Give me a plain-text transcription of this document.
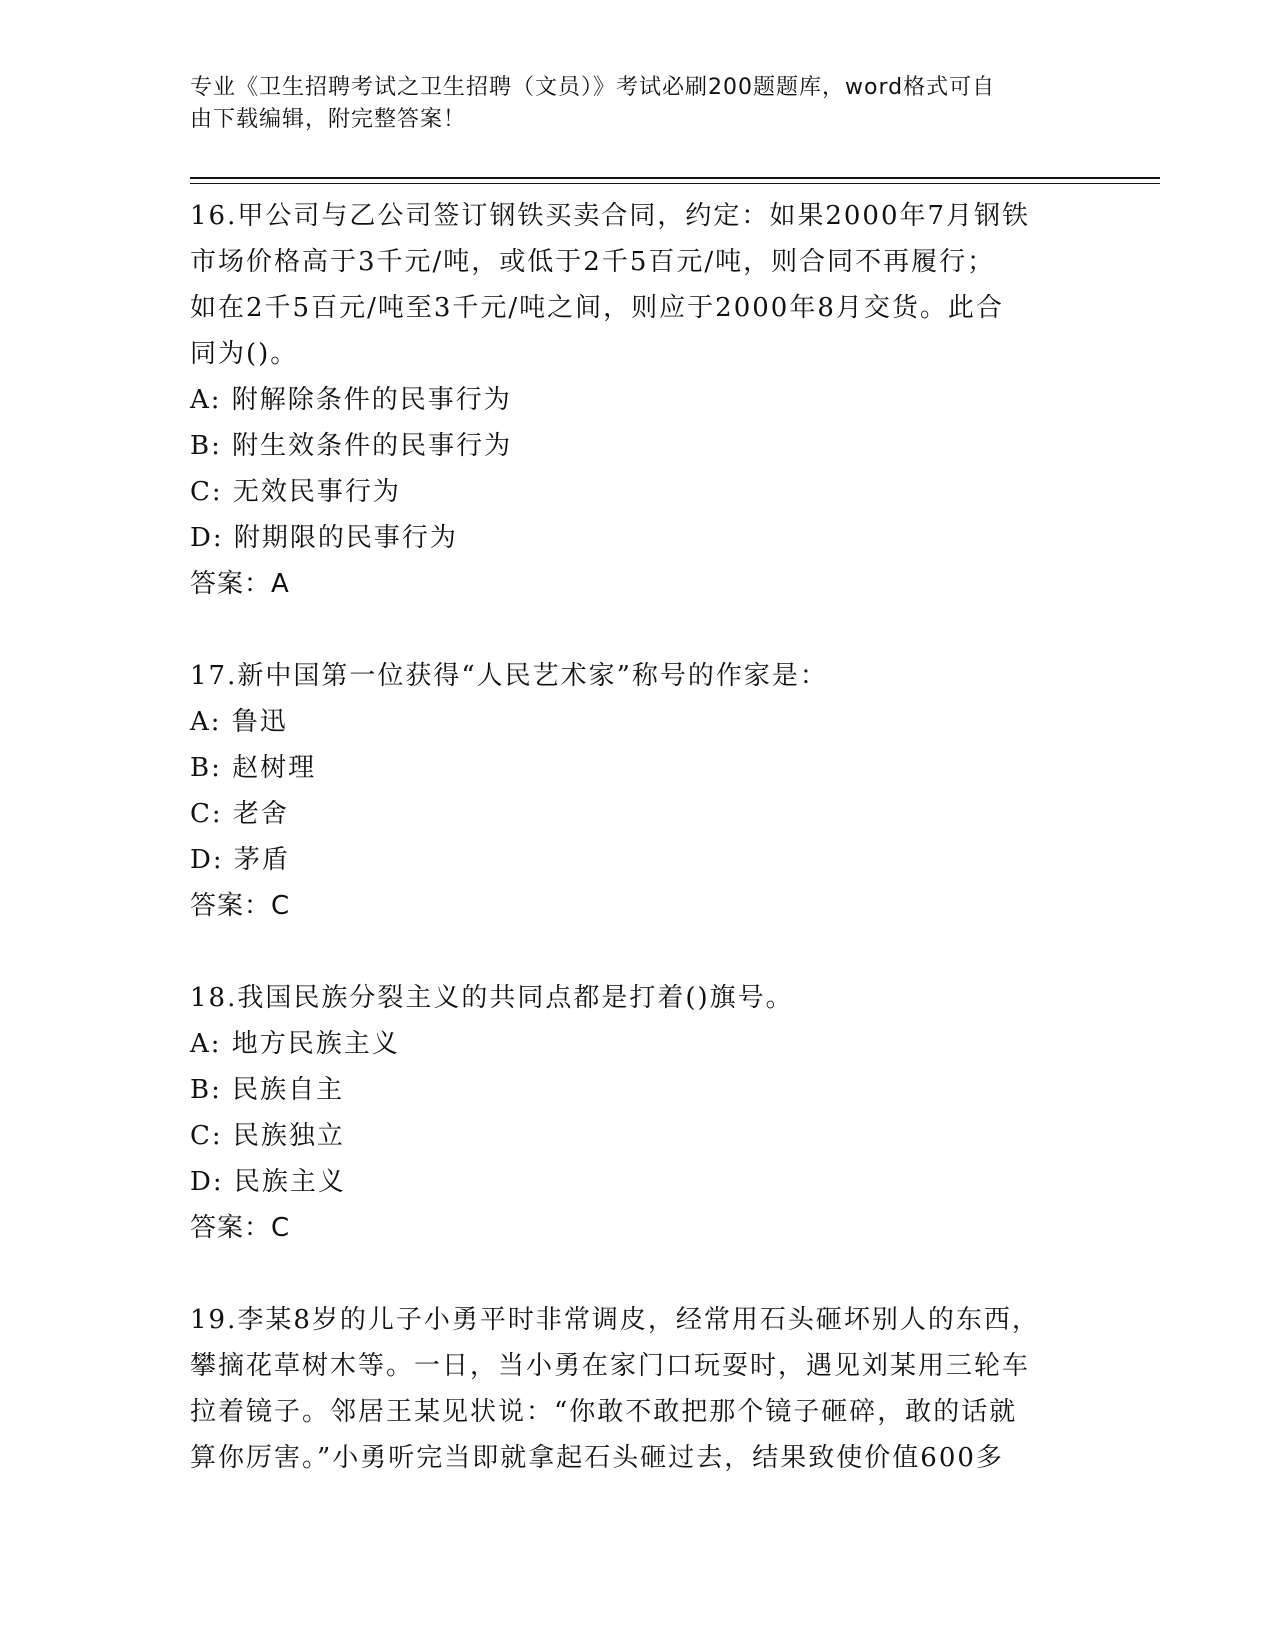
专业《卫生招聘考试之卫生招聘（文员）》考试必刷200题题库，word格式可自
由下载编辑，附完整答案！
16.甲公司与乙公司签订钢铁买卖合同，约定：如果2000年7月钢铁
市场价格高于3千元/吨，或低于2千5百元/吨，则合同不再履行；
如在2千5百元/吨至3千元/吨之间，则应于2000年8月交货。此合
同为()。
A: 附解除条件的民事行为
B: 附生效条件的民事行为
C: 无效民事行为
D: 附期限的民事行为
答案：A
17.新中国第一位获得“人民艺术家”称号的作家是：
A: 鲁迅
B: 赵树理
C: 老舍
D: 茅盾
答案：C
18.我国民族分裂主义的共同点都是打着()旗号。
A: 地方民族主义
B: 民族自主
C: 民族独立
D: 民族主义
答案：C
19.李某8岁的儿子小勇平时非常调皮，经常用石头砸坏别人的东西，
攀摘花草树木等。一日，当小勇在家门口玩耍时，遇见刘某用三轮车
拉着镜子。邻居王某见状说：“你敢不敢把那个镜子砸碎，敢的话就
算你厉害。”小勇听完当即就拿起石头砸过去，结果致使价值600多
